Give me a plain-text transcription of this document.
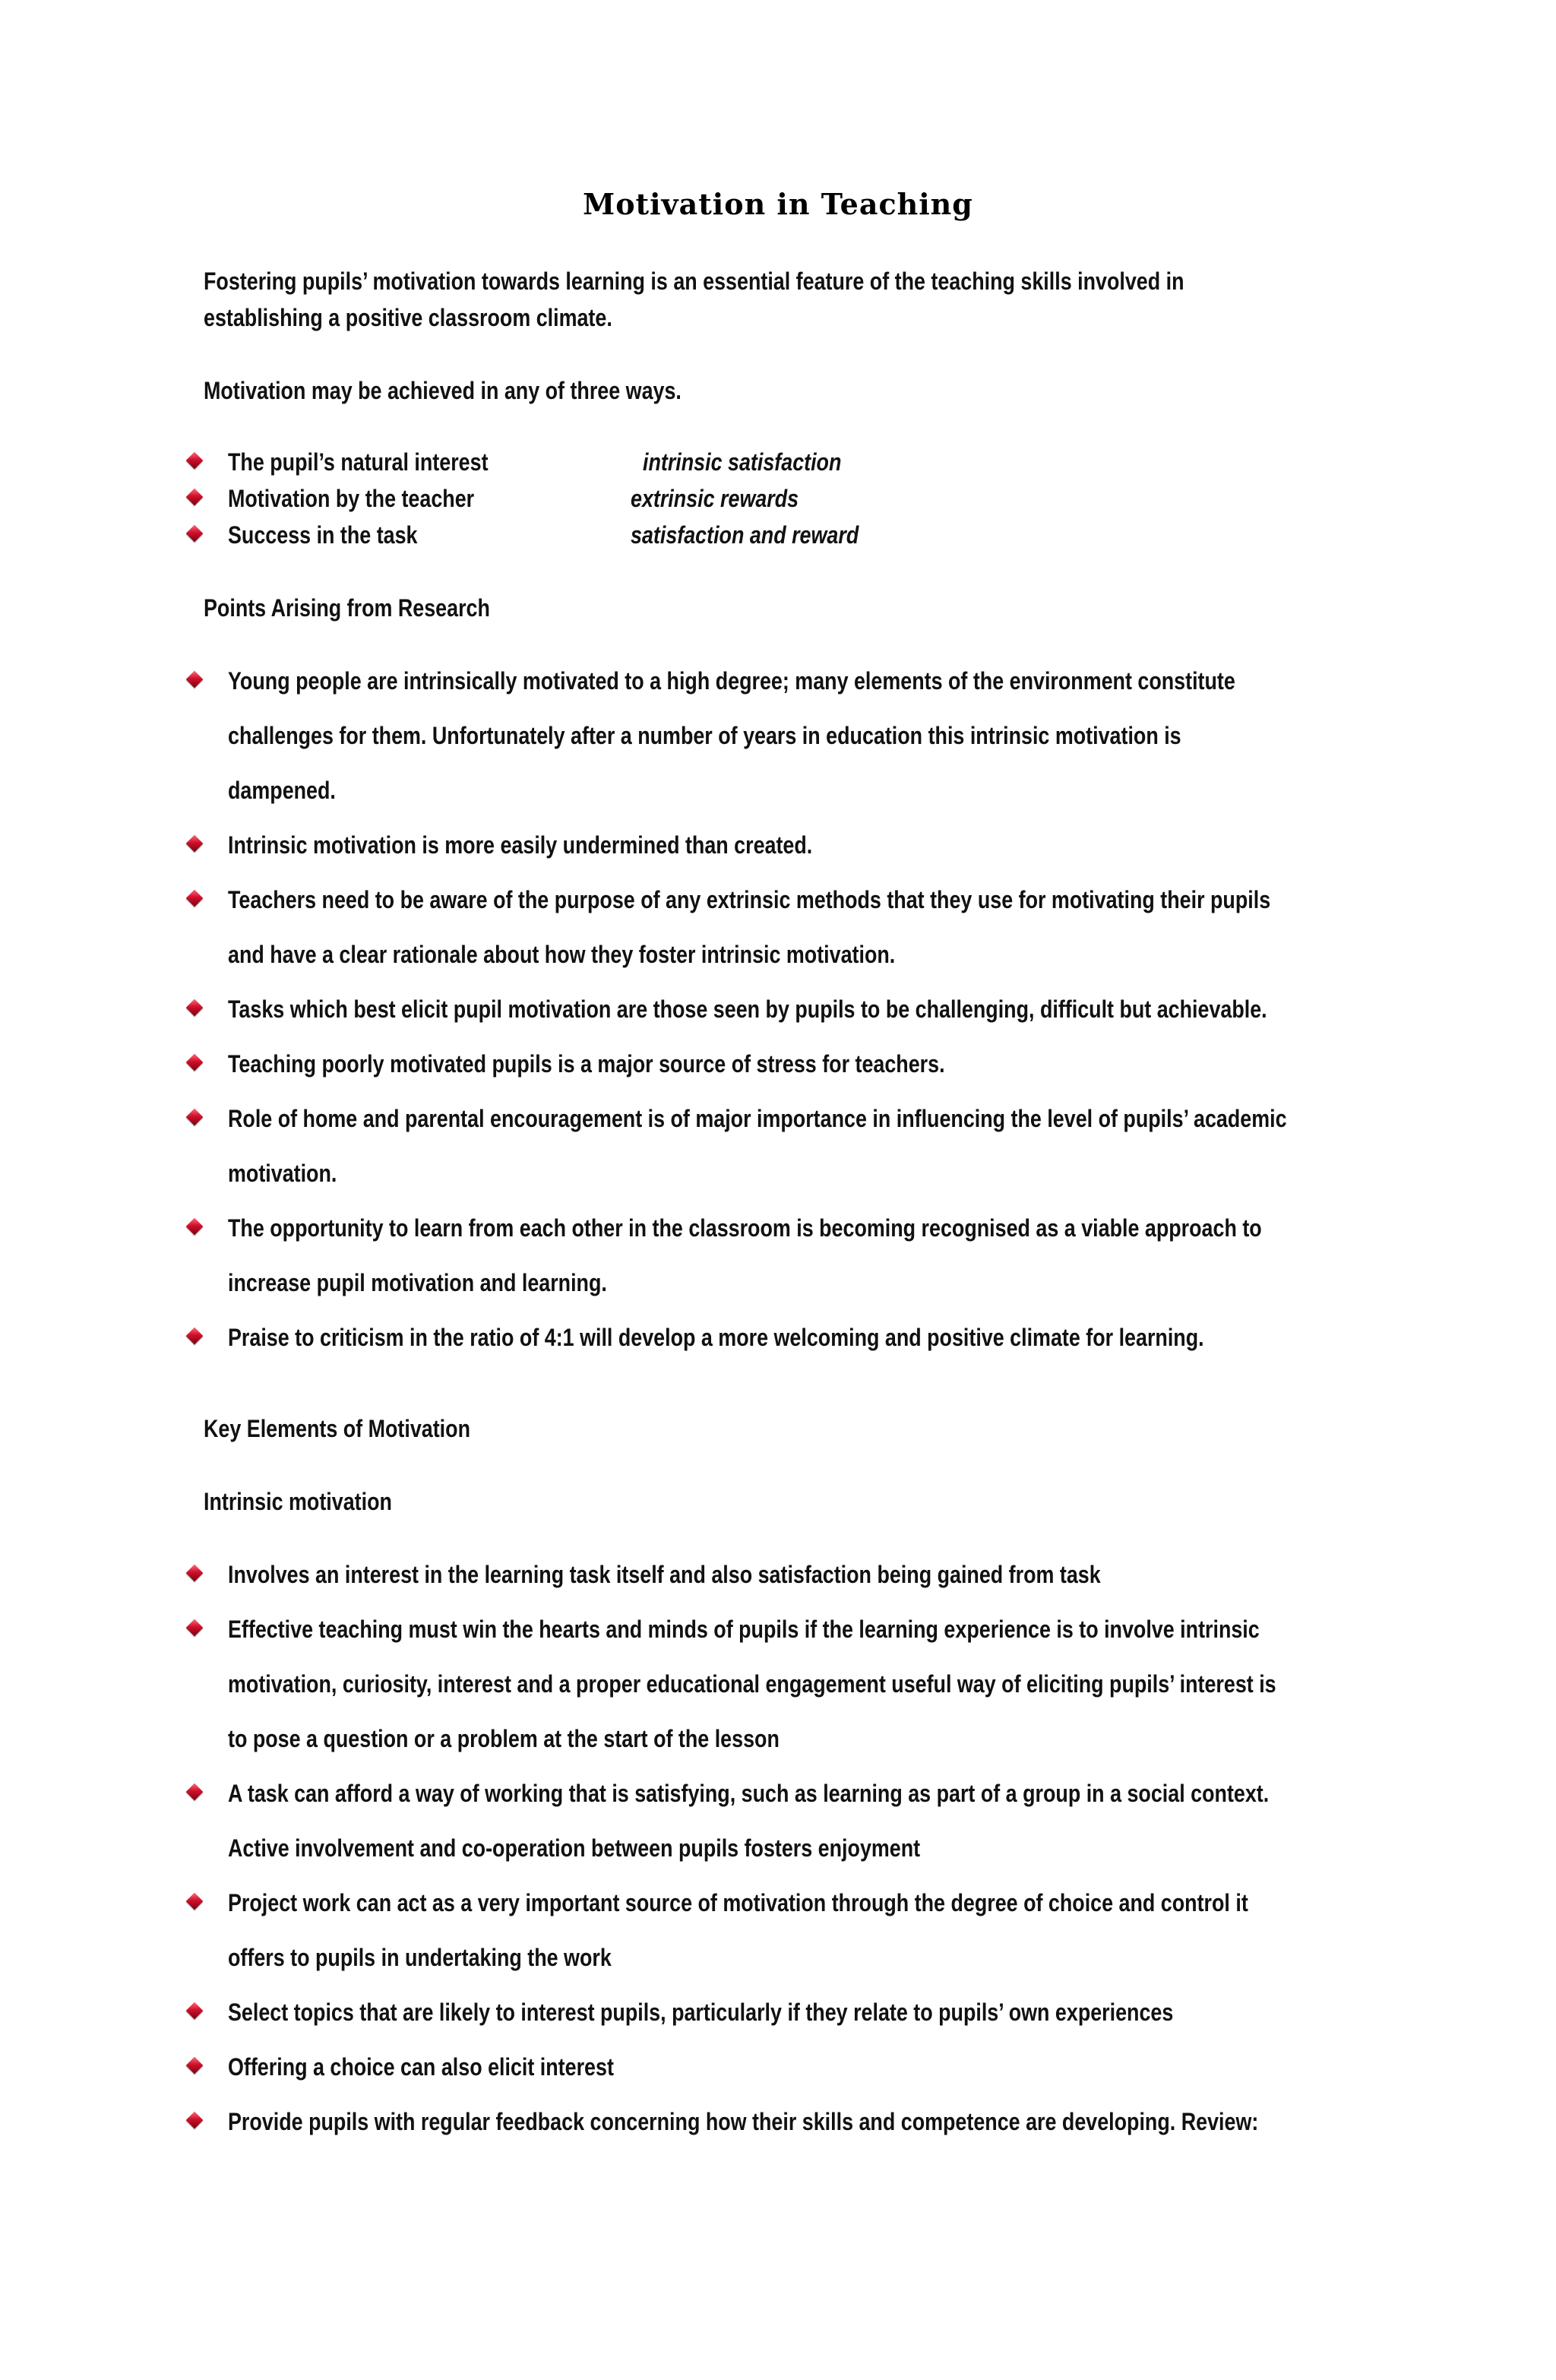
Motivation in Teaching
Fostering pupils’ motivation towards learning is an essential feature of the teaching skills involved in
establishing a positive classroom climate.
Motivation may be achieved in any of three ways.
The pupil’s natural interest	intrinsic satisfaction
Motivation by the teacher	extrinsic rewards
Success in the task	satisfaction and reward
Points Arising from Research
Young people are intrinsically motivated to a high degree; many elements of the environment constitute
challenges for them. Unfortunately after a number of years in education this intrinsic motivation is
dampened.
Intrinsic motivation is more easily undermined than created.
Teachers need to be aware of the purpose of any extrinsic methods that they use for motivating their pupils
and have a clear rationale about how they foster intrinsic motivation.
Tasks which best elicit pupil motivation are those seen by pupils to be challenging, difficult but achievable.
Teaching poorly motivated pupils is a major source of stress for teachers.
Role of home and parental encouragement is of major importance in influencing the level of pupils’ academic
motivation.
The opportunity to learn from each other in the classroom is becoming recognised as a viable approach to
increase pupil motivation and learning.
Praise to criticism in the ratio of 4:1 will develop a more welcoming and positive climate for learning.
Key Elements of Motivation
Intrinsic motivation
Involves an interest in the learning task itself and also satisfaction being gained from task
Effective teaching must win the hearts and minds of pupils if the learning experience is to involve intrinsic
motivation, curiosity, interest and a proper educational engagement useful way of eliciting pupils’ interest is
to pose a question or a problem at the start of the lesson
A task can afford a way of working that is satisfying, such as learning as part of a group in a social context.
Active involvement and co-operation between pupils fosters enjoyment
Project work can act as a very important source of motivation through the degree of choice and control it
offers to pupils in undertaking the work
Select topics that are likely to interest pupils, particularly if they relate to pupils’ own experiences
Offering a choice can also elicit interest
Provide pupils with regular feedback concerning how their skills and competence are developing. Review:
